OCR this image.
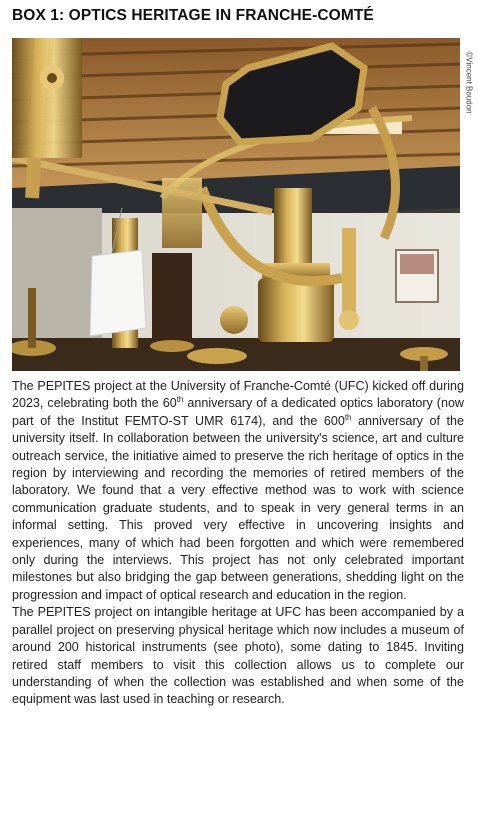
BOX 1: OPTICS HERITAGE IN FRANCHE-COMTÉ
©Vincent Boudon

The PEPITES project at the University of Franche-Comté (UFC) kicked off during 2023, celebrating both the 60th anniversary of a dedicated optics laboratory (now part of the Institut FEMTO-ST UMR 6174), and the 600th anniversary of the university itself. In collaboration between the university's science, art and culture outreach service, the initiative aimed to preserve the rich heritage of optics in the region by interviewing and recording the memories of retired members of the laboratory. We found that a very effective method was to work with science communication graduate students, and to speak in very general terms in an informal setting. This proved very effective in uncovering insights and experiences, many of which had been forgotten and which were remembered only during the interviews. This project has not only celebrated important milestones but also bridging the gap between generations, shedding light on the progression and impact of optical research and education in the region.

The PEPITES project on intangible heritage at UFC has been accompanied by a parallel project on preserving physical heritage which now includes a museum of around 200 historical instruments (see photo), some dating to 1845. Inviting retired staff members to visit this collection allows us to complete our understanding of when the collection was established and when some of the equipment was last used in teaching or research.
